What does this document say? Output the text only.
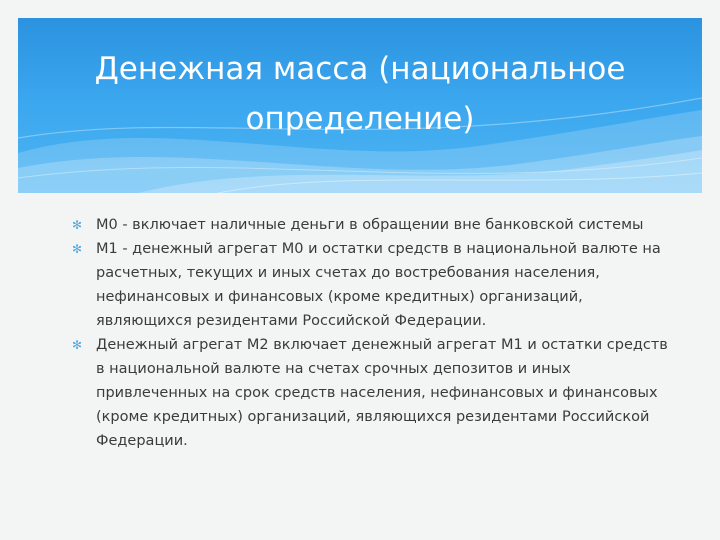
Денежная масса (национальное
определение)

✻ М0 - включает наличные деньги в обращении вне банковской системы

✻ М1 - денежный агрегат М0 и остатки средств в национальной валюте на расчетных, текущих и иных счетах до востребования населения, нефинансовых и финансовых (кроме кредитных) организаций, являющихся резидентами Российской Федерации.

✻ Денежный агрегат М2 включает денежный агрегат М1 и остатки средств в национальной валюте на счетах срочных депозитов и иных привлеченных на срок средств населения, нефинансовых и финансовых (кроме кредитных) организаций, являющихся резидентами Российской Федерации.
